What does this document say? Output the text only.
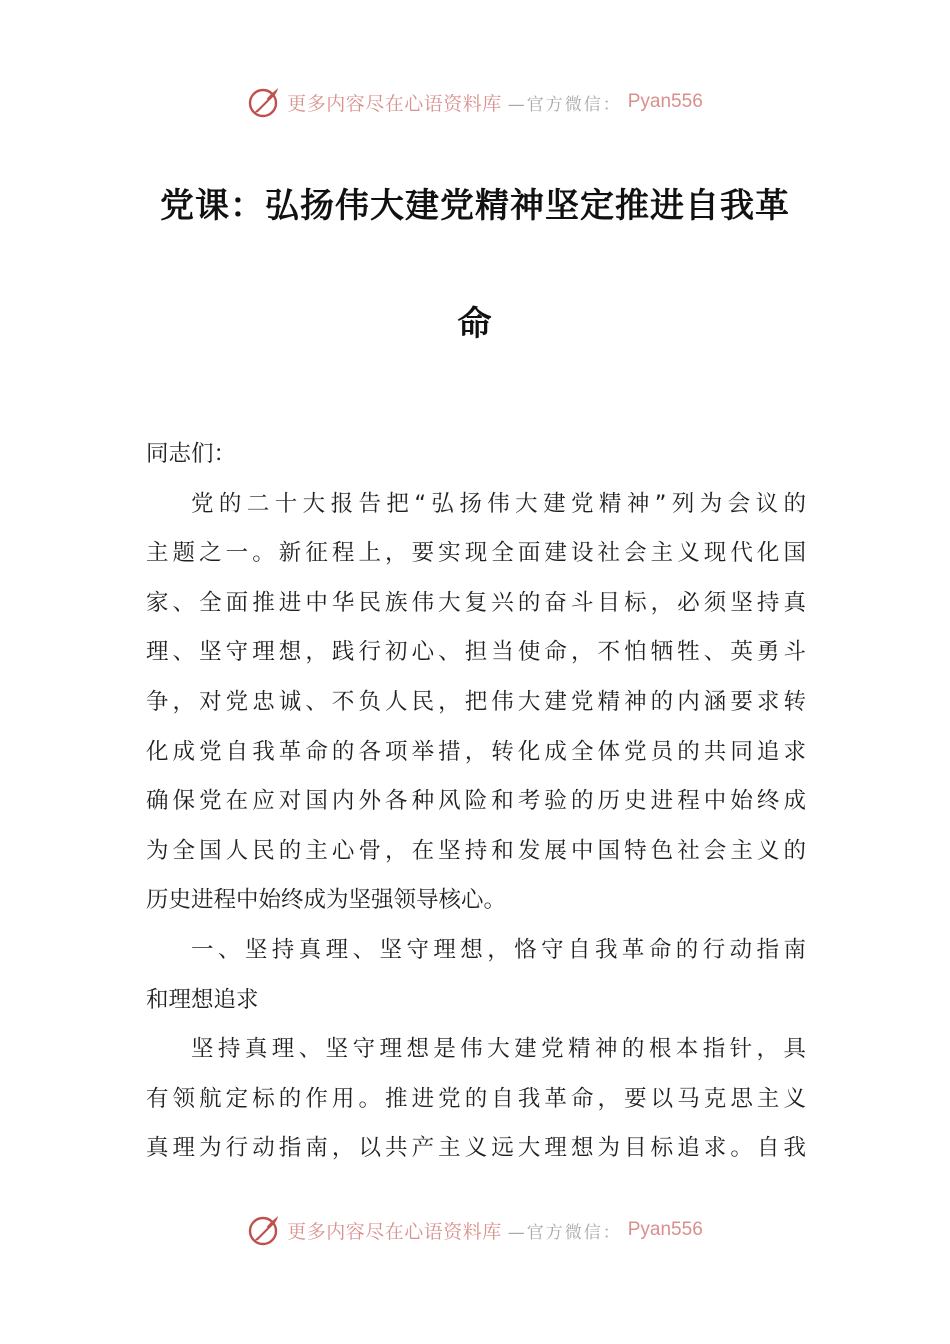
更多内容尽在心语资料库 —官方微信： Pyan556
党课：弘扬伟大建党精神坚定推进自我革
命
同志们：
党的二十大报告把“弘扬伟大建党精神”列为会议的
主题之一。新征程上，要实现全面建设社会主义现代化国
家、全面推进中华民族伟大复兴的奋斗目标，必须坚持真
理、坚守理想，践行初心、担当使命，不怕牺牲、英勇斗
争，对党忠诚、不负人民，把伟大建党精神的内涵要求转
化成党自我革命的各项举措，转化成全体党员的共同追求
确保党在应对国内外各种风险和考验的历史进程中始终成
为全国人民的主心骨，在坚持和发展中国特色社会主义的
历史进程中始终成为坚强领导核心。
一、坚持真理、坚守理想，恪守自我革命的行动指南
和理想追求
坚持真理、坚守理想是伟大建党精神的根本指针，具
有领航定标的作用。推进党的自我革命，要以马克思主义
真理为行动指南，以共产主义远大理想为目标追求。自我
更多内容尽在心语资料库 —官方微信： Pyan556
